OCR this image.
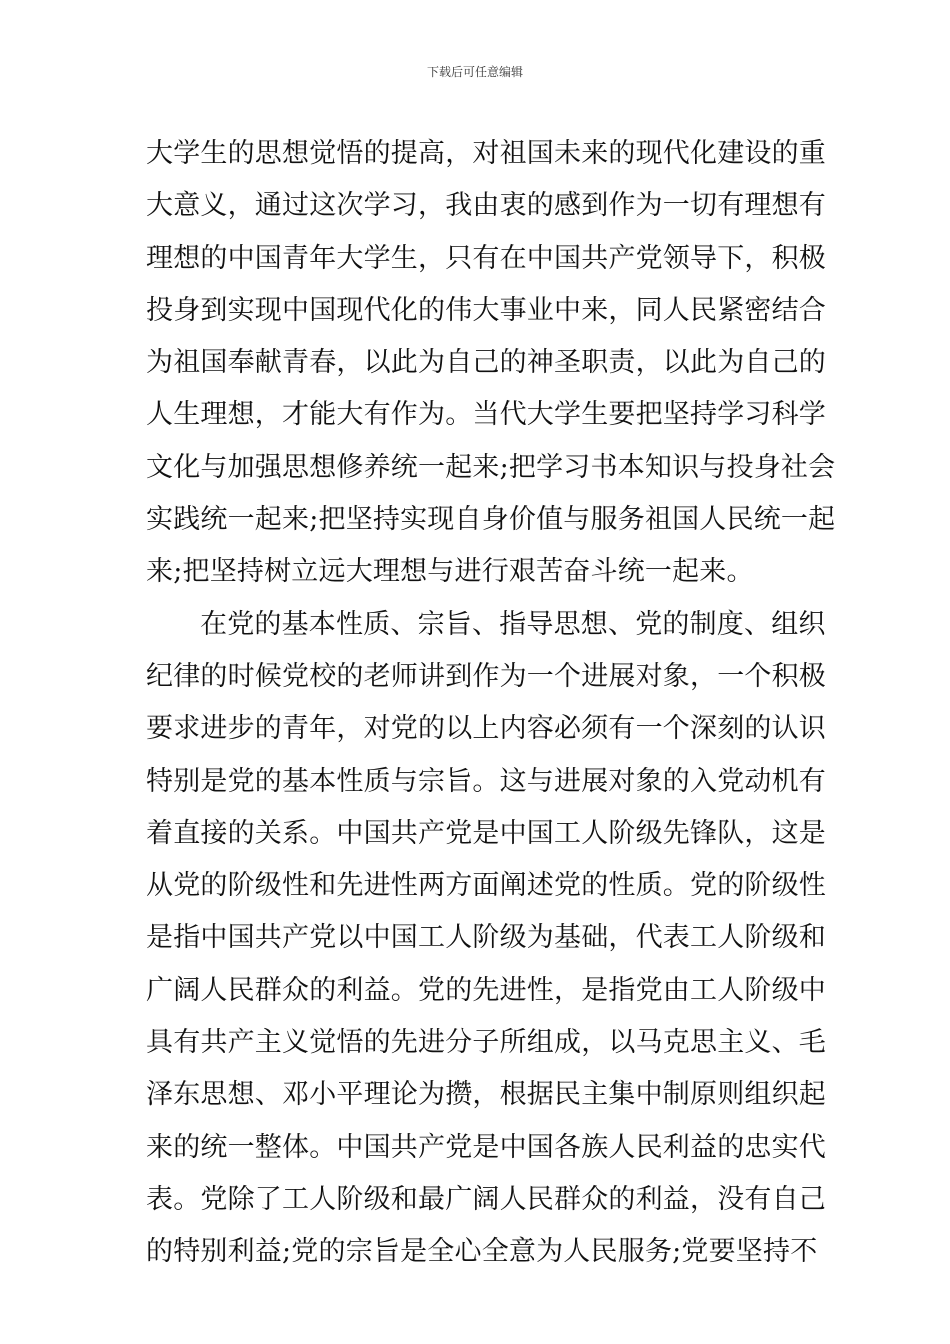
下载后可任意编辑
大学生的思想觉悟的提高，对祖国未来的现代化建设的重
大意义，通过这次学习，我由衷的感到作为一切有理想有
理想的中国青年大学生，只有在中国共产党领导下，积极
投身到实现中国现代化的伟大事业中来，同人民紧密结合
为祖国奉献青春，以此为自己的神圣职责，以此为自己的
人生理想，才能大有作为。当代大学生要把坚持学习科学
文化与加强思想修养统一起来;把学习书本知识与投身社会
实践统一起来;把坚持实现自身价值与服务祖国人民统一起
来;把坚持树立远大理想与进行艰苦奋斗统一起来。
在党的基本性质、宗旨、指导思想、党的制度、组织
纪律的时候党校的老师讲到作为一个进展对象，一个积极
要求进步的青年，对党的以上内容必须有一个深刻的认识
特别是党的基本性质与宗旨。这与进展对象的入党动机有
着直接的关系。中国共产党是中国工人阶级先锋队，这是
从党的阶级性和先进性两方面阐述党的性质。党的阶级性
是指中国共产党以中国工人阶级为基础，代表工人阶级和
广阔人民群众的利益。党的先进性，是指党由工人阶级中
具有共产主义觉悟的先进分子所组成，以马克思主义、毛
泽东思想、邓小平理论为攒，根据民主集中制原则组织起
来的统一整体。中国共产党是中国各族人民利益的忠实代
表。党除了工人阶级和最广阔人民群众的利益，没有自己
的特别利益;党的宗旨是全心全意为人民服务;党要坚持不
